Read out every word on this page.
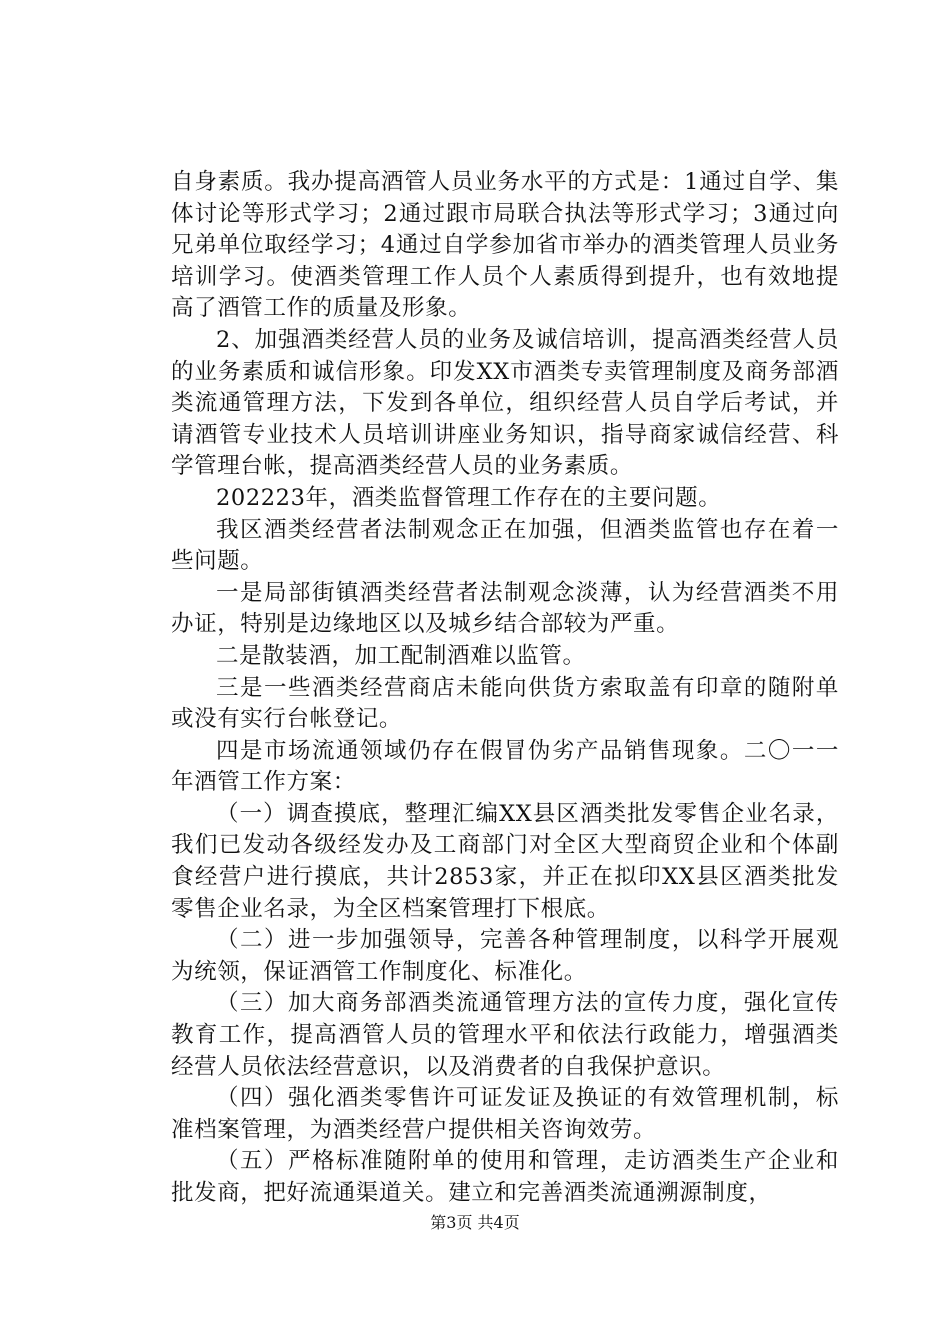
自身素质。我办提高酒管人员业务水平的方式是：1通过自学、集体讨论等形式学习；2通过跟市局联合执法等形式学习；3通过向兄弟单位取经学习；4通过自学参加省市举办的酒类管理人员业务培训学习。使酒类管理工作人员个人素质得到提升，也有效地提高了酒管工作的质量及形象。

2、加强酒类经营人员的业务及诚信培训，提高酒类经营人员的业务素质和诚信形象。印发XX市酒类专卖管理制度及商务部酒类流通管理方法，下发到各单位，组织经营人员自学后考试，并请酒管专业技术人员培训讲座业务知识，指导商家诚信经营、科学管理台帐，提高酒类经营人员的业务素质。

202223年，酒类监督管理工作存在的主要问题。

我区酒类经营者法制观念正在加强，但酒类监管也存在着一些问题。

一是局部街镇酒类经营者法制观念淡薄，认为经营酒类不用办证，特别是边缘地区以及城乡结合部较为严重。

二是散装酒，加工配制酒难以监管。

三是一些酒类经营商店未能向供货方索取盖有印章的随附单或没有实行台帐登记。

四是市场流通领域仍存在假冒伪劣产品销售现象。二〇一一年酒管工作方案：

（一）调查摸底，整理汇编XX县区酒类批发零售企业名录，我们已发动各级经发办及工商部门对全区大型商贸企业和个体副食经营户进行摸底，共计2853家，并正在拟印XX县区酒类批发零售企业名录，为全区档案管理打下根底。

（二）进一步加强领导，完善各种管理制度，以科学开展观为统领，保证酒管工作制度化、标准化。

（三）加大商务部酒类流通管理方法的宣传力度，强化宣传教育工作，提高酒管人员的管理水平和依法行政能力，增强酒类经营人员依法经营意识，以及消费者的自我保护意识。

（四）强化酒类零售许可证发证及换证的有效管理机制，标准档案管理，为酒类经营户提供相关咨询效劳。

（五）严格标准随附单的使用和管理，走访酒类生产企业和批发商，把好流通渠道关。建立和完善酒类流通溯源制度，

第3页 共4页
